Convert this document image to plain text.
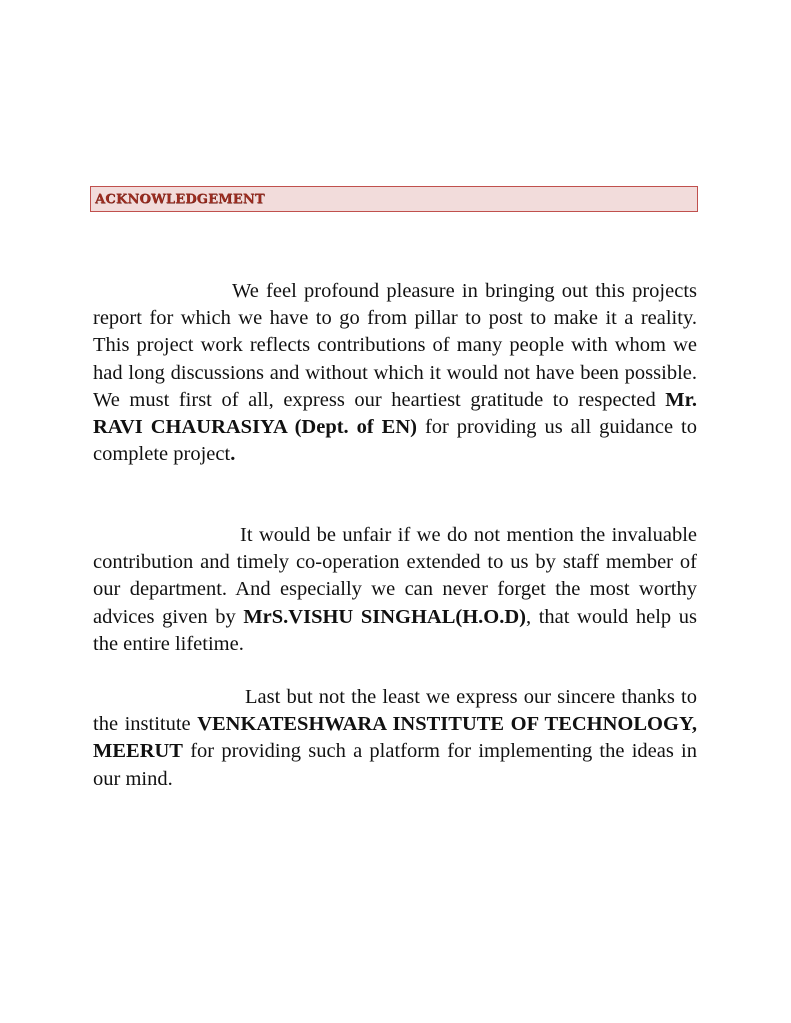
ACKNOWLEDGEMENT

We feel profound pleasure in bringing out this projects report for which we have to go from pillar to post to make it a reality. This project work reflects contributions of many people with whom we had long discussions and without which it would not have been possible. We must first of all, express our heartiest gratitude to respected Mr. RAVI CHAURASIYA (Dept. of EN) for providing us all guidance to complete project.

It would be unfair if we do not mention the invaluable contribution and timely co-operation extended to us by staff member of our department. And especially we can never forget the most worthy advices given by MrS.VISHU SINGHAL(H.O.D), that would help us the entire lifetime.

Last but not the least we express our sincere thanks to the institute VENKATESHWARA INSTITUTE OF TECHNOLOGY, MEERUT for providing such a platform for implementing the ideas in our mind.
